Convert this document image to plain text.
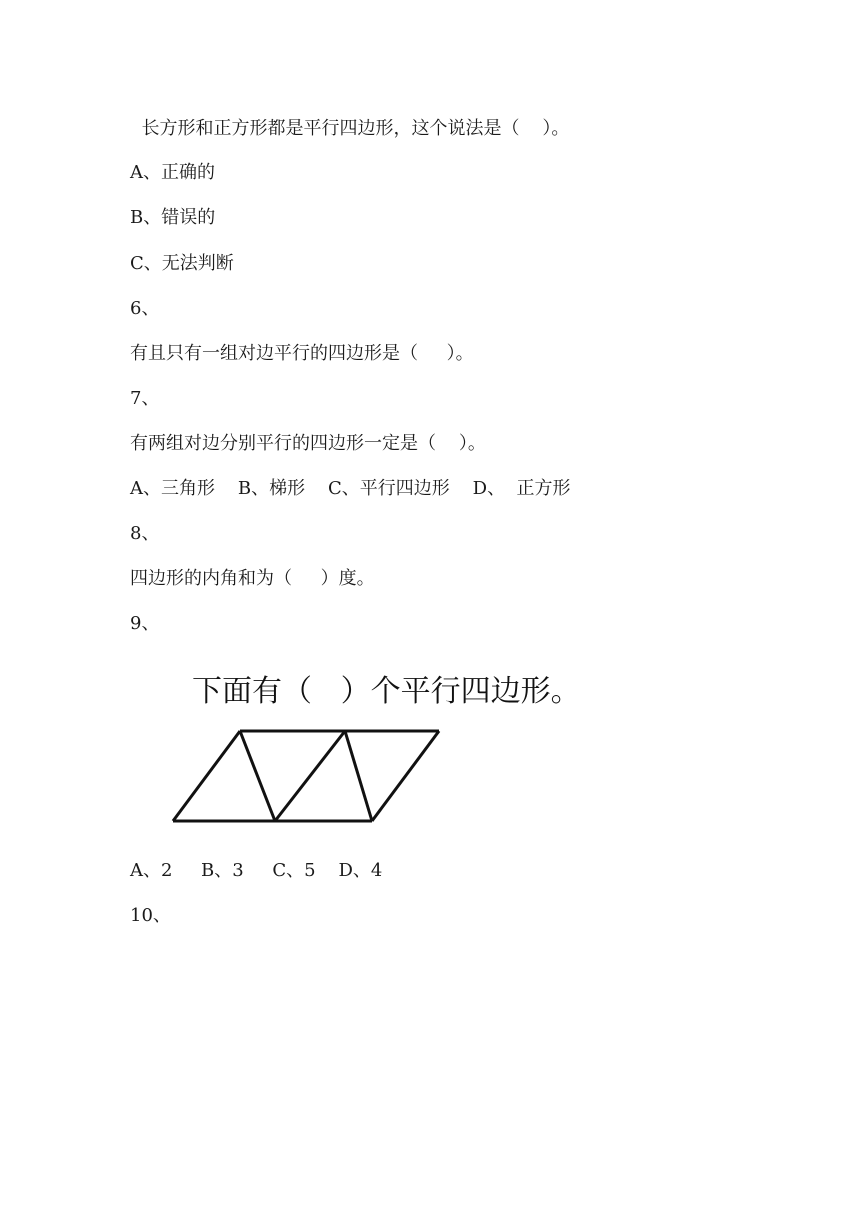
长方形和正方形都是平行四边形，这个说法是（    ）。
A、正确的
B、错误的
C、无法判断
6、
有且只有一组对边平行的四边形是（     ）。
7、
有两组对边分别平行的四边形一定是（    ）。
A、三角形    B、梯形    C、平行四边形    D、  正方形
8、
四边形的内角和为（     ）度。
9、
下面有（   ）个平行四边形。
A、2     B、3     C、5    D、4
10、
